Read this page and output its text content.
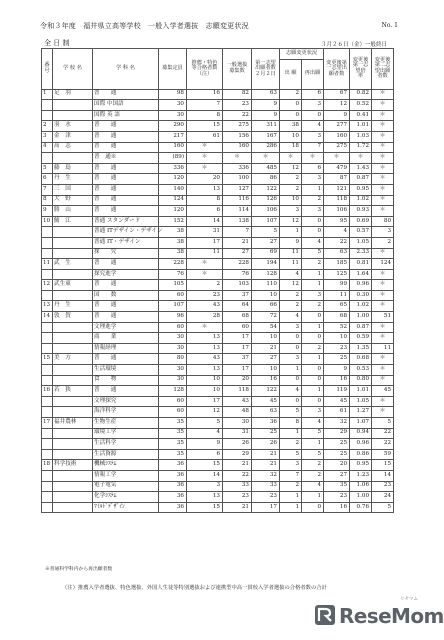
令和３年度　福井県立高等学校　一般入学者選抜　志願変更状況	No. 1
全 日 制	３月２６日（金）一般終日
番号	学 校 名	学 科 名	募集定員	推薦・特色等合格者数（注）	一般選抜募集数	第一志望出願者数２月２日	志願変更状況		変更後第一志望出願者数	変更後第一志望倍 率	変更後第二志望出願者数
							出 願	再出願			
1	足　羽	普　　通	98	16	82	63	2	6	67	0.82	＊
		国際 中国語	30	7	23	9	0	3	12	0.52	＊
		国際 英 語	30	8	22	9	0	0	9	0.41	＊
2	羽　水	普　　通	290	15	275	311	38	4	277	1.01	＊
3	金　津	普　　通	217	61	156	167	10	3	160	1.03	＊
4	高　志	普　　通	160	＊	160	286	18	7	275	1.72	＊
		普　通※	(89)	＊	＊	＊	＊	＊	＊	＊	＊
5	藤　島	普　　通	336	＊	336	485	12	6	479	1.43	＊
6	丹　生	普　　通	120	20	100	86	2	3	87	0.87	＊
7	三　国	普　　通	140	13	127	122	2	1	121	0.95	＊
8	大　野	普　　通	124	8	116	126	10	2	118	1.02	＊
9	勝　山	普　　通	120	6	114	106	3	3	106	0.93	＊
10	鯖　江	普通 スタンダード	152	14	138	107	12	0	95	0.69	80
		普通 ITデザイン・デザイン	38	31	7	5	1	0	4	0.57	3
		普通 IT・デザイン	38	17	21	27	9	4	22	1.05	2
		探　　究	38	11	27	69	11	5	63	2.33	＊
11	武　生	普　　通	228	＊	228	194	11	2	185	0.81	124
		探究進学	76	＊	76	128	4	1	125	1.64	＊
12	武生東	普　　通	105	2	103	110	12	1	99	0.96	＊
		国　　数	60	23	37	10	2	3	11	0.30	＊
13	丹　生	普　　通	107	43	64	66	2	2	65	1.02	＊
14	敦　賀	普　　通	96	28	68	72	4	0	68	1.00	51
		文理進学	60	＊	60	54	3	1	52	0.87	＊
		商　　業	30	13	17	10	0	0	10	0.59	＊
		情報経理	30	13	17	21	0	2	23	1.35	11
15	美　方	普　　通	80	43	37	27	3	1	25	0.68	＊
		生活環境	30	13	17	10	1	0	9	0.53	＊
		食　　物	30	10	20	16	0	0	16	0.80	＊
16	若　狭	普　　通	128	10	118	122	4	1	119	1.01	45
		文理探究	60	17	43	45	0	0	45	1.05	＊
		海洋科学	60	12	48	63	5	3	61	1.27	＊
17	福井農林	生物生産	35	5	30	36	8	4	32	1.07	5
		環境工学	35	4	31	25	1	5	29	0.94	22
		生活科学	35	9	26	26	2	1	25	0.96	22
		生活資源	35	6	29	21	5	5	25	0.86	59
18	科学技術	機械ｼｽﾃﾑ	36	15	21	21	3	2	20	0.95	15
		情報工学	36	14	22	32	7	2	27	1.23	14
		電子電気	36	3	33	33	2	4	35	1.06	23
		化学ｼｽﾃﾑ	36	13	23	23	1	1	23	1.00	24
		ﾏｲﾙﾄﾞﾃﾞｻﾞｲﾝ	36	15	21	17	1	0	16	0.76	5
※普通科学科内から再出願者数
（注）推薦入学者選抜、特色選抜、外国人生徒等特別選抜および連携型中高一貫校入学者選抜の合格者数の合計
ReseMom
リセマム
